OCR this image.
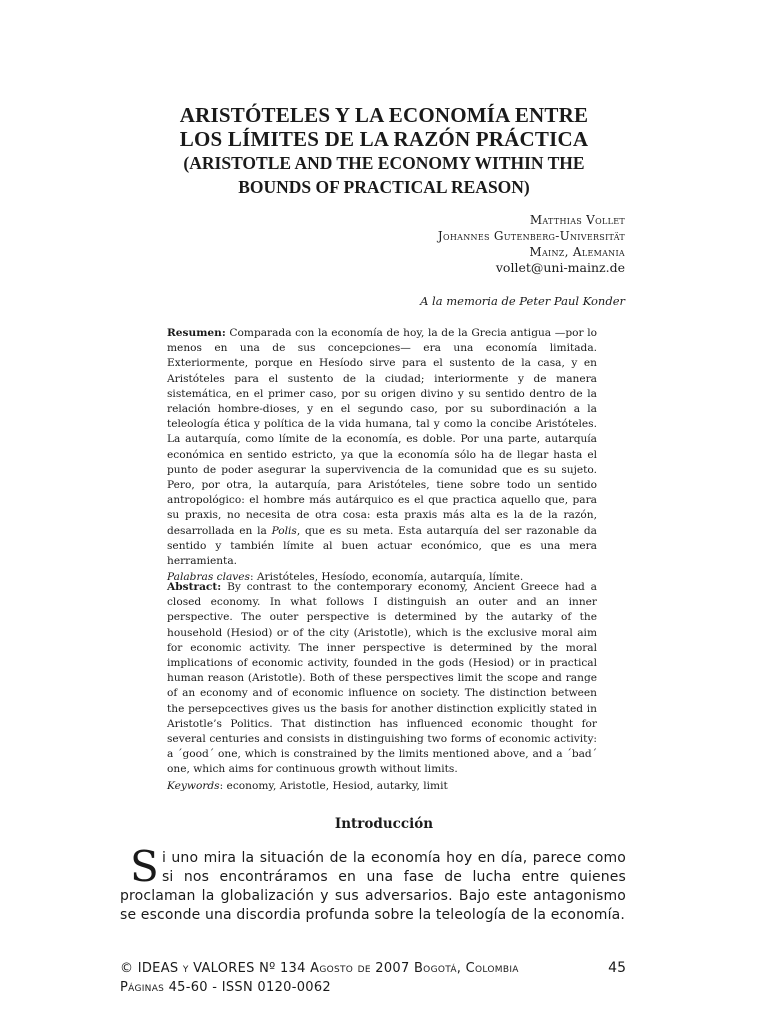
ARISTÓTELES Y LA ECONOMÍA ENTRE
LOS LÍMITES DE LA RAZÓN PRÁCTICA
(ARISTOTLE AND THE ECONOMY WITHIN THE
BOUNDS OF PRACTICAL REASON)
Matthias Vollet
Johannes Gutenberg-Universität
Mainz, Alemania
vollet@uni-mainz.de
A la memoria de Peter Paul Konder

Resumen: Comparada con la economía de hoy, la de la Grecia antigua —por lo menos en una de sus concepciones— era una economía limitada. Exteriormente, porque en Hesíodo sirve para el sustento de la casa, y en Aristóteles para el sustento de la ciudad; interiormente y de manera sistemática, en el primer caso, por su origen divino y su sentido dentro de la relación hombre-dioses, y en el segundo caso, por su subordinación a la teleología ética y política de la vida humana, tal y como la concibe Aristóteles. La autarquía, como límite de la economía, es doble. Por una parte, autarquía económica en sentido estricto, ya que la economía sólo ha de llegar hasta el punto de poder asegurar la supervivencia de la comunidad que es su sujeto. Pero, por otra, la autarquía, para Aristóteles, tiene sobre todo un sentido antropológico: el hombre más autárquico es el que practica aquello que, para su praxis, no necesita de otra cosa: esta praxis más alta es la de la razón, desarrollada en la Polis, que es su meta. Esta autarquía del ser razonable da sentido y también límite al buen actuar económico, que es una mera herramienta.

Palabras claves: Aristóteles, Hesíodo, economía, autarquía, límite.

Abstract: By contrast to the contemporary economy, Ancient Greece had a closed economy. In what follows I distinguish an outer and an inner perspective. The outer perspective is determined by the autarky of the household (Hesiod) or of the city (Aristotle), which is the exclusive moral aim for economic activity. The inner perspective is determined by the moral implications of economic activity, founded in the gods (Hesiod) or in practical human reason (Aristotle). Both of these perspectives limit the scope and range of an economy and of economic influence on society. The distinction between the persepcectives gives us the basis for another distinction explicitly stated in Aristotle’s Politics. That distinction has influenced economic thought for several centuries and consists in distinguishing two forms of economic activity: a ´good´ one, which is constrained by the limits mentioned above, and a ´bad´ one, which aims for continuous growth without limits.

Keywords: economy, Aristotle, Hesiod, autarky, limit

Introducción
Si uno mira la situación de la economía hoy en día, parece como si nos encontráramos en una fase de lucha entre quienes proclaman la globalización y sus adversarios. Bajo este antagonismo se esconde una discordia profunda sobre la teleología de la economía.
© IDEAS y VALORES Nº 134 Agosto de 2007 Bogotá, Colombia	45
Páginas 45-60 - ISSN 0120-0062
